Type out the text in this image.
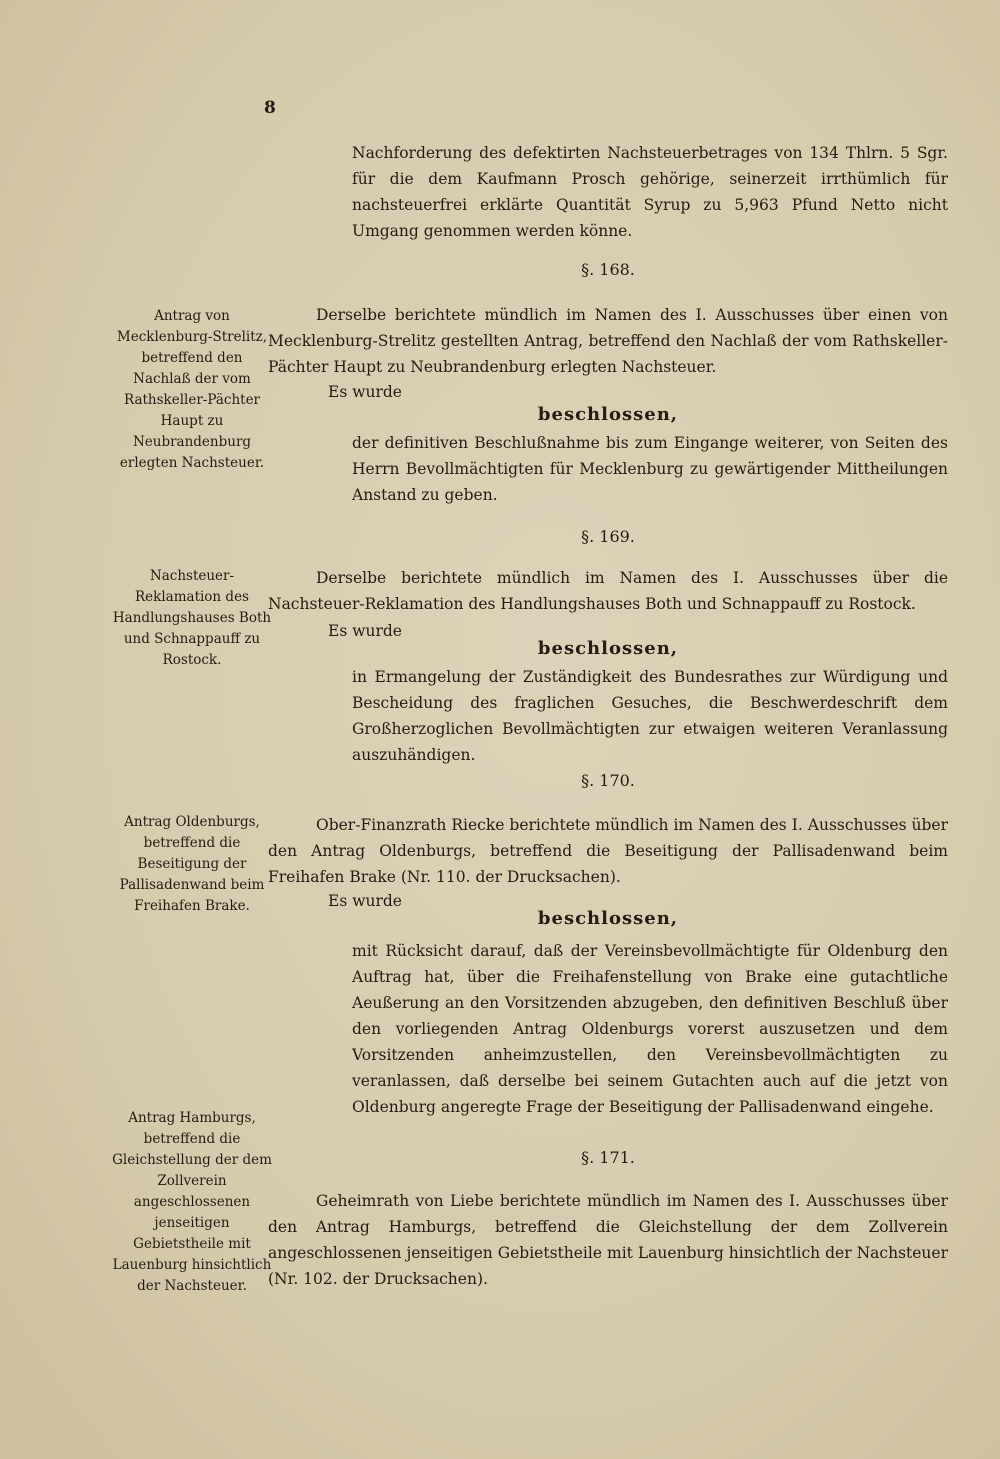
8
Nachforderung des defektirten Nachsteuerbetrages von 134 Thlrn. 5 Sgr. für die dem Kaufmann Prosch gehörige, seinerzeit irrthümlich für nachsteuerfrei erklärte Quantität Syrup zu 5,963 Pfund Netto nicht Umgang genommen werden könne.
§. 168.
Antrag von Mecklenburg-Strelitz, betreffend den Nachlaß der vom Rathskeller-Pächter Haupt zu Neubrandenburg erlegten Nachsteuer.
Derselbe berichtete mündlich im Namen des I. Ausschusses über einen von Mecklenburg-Strelitz gestellten Antrag, betreffend den Nachlaß der vom Rathskeller-Pächter Haupt zu Neubrandenburg erlegten Nachsteuer.
Es wurde
beschlossen,
der definitiven Beschlußnahme bis zum Eingange weiterer, von Seiten des Herrn Bevollmächtigten für Mecklenburg zu gewärtigender Mittheilungen Anstand zu geben.
§. 169.
Nachsteuer-Reklamation des Handlungshauses Both und Schnappauff zu Rostock.
Derselbe berichtete mündlich im Namen des I. Ausschusses über die Nachsteuer-Reklamation des Handlungshauses Both und Schnappauff zu Rostock.
Es wurde
beschlossen,
in Ermangelung der Zuständigkeit des Bundesrathes zur Würdigung und Bescheidung des fraglichen Gesuches, die Beschwerdeschrift dem Großherzoglichen Bevollmächtigten zur etwaigen weiteren Veranlassung auszuhändigen.
§. 170.
Antrag Oldenburgs, betreffend die Beseitigung der Pallisadenwand beim Freihafen Brake.
Ober-Finanzrath Riecke berichtete mündlich im Namen des I. Ausschusses über den Antrag Oldenburgs, betreffend die Beseitigung der Pallisadenwand beim Freihafen Brake (Nr. 110. der Drucksachen).
Es wurde
beschlossen,
mit Rücksicht darauf, daß der Vereinsbevollmächtigte für Oldenburg den Auftrag hat, über die Freihafenstellung von Brake eine gutachtliche Aeußerung an den Vorsitzenden abzugeben, den definitiven Beschluß über den vorliegenden Antrag Oldenburgs vorerst auszusetzen und dem Vorsitzenden anheimzustellen, den Vereinsbevollmächtigten zu veranlassen, daß derselbe bei seinem Gutachten auch auf die jetzt von Oldenburg angeregte Frage der Beseitigung der Pallisadenwand eingehe.
§. 171.
Antrag Hamburgs, betreffend die Gleichstellung der dem Zollverein angeschlossenen jenseitigen Gebietstheile mit Lauenburg hinsichtlich der Nachsteuer.
Geheimrath von Liebe berichtete mündlich im Namen des I. Ausschusses über den Antrag Hamburgs, betreffend die Gleichstellung der dem Zollverein angeschlossenen jenseitigen Gebietstheile mit Lauenburg hinsichtlich der Nachsteuer (Nr. 102. der Drucksachen).
